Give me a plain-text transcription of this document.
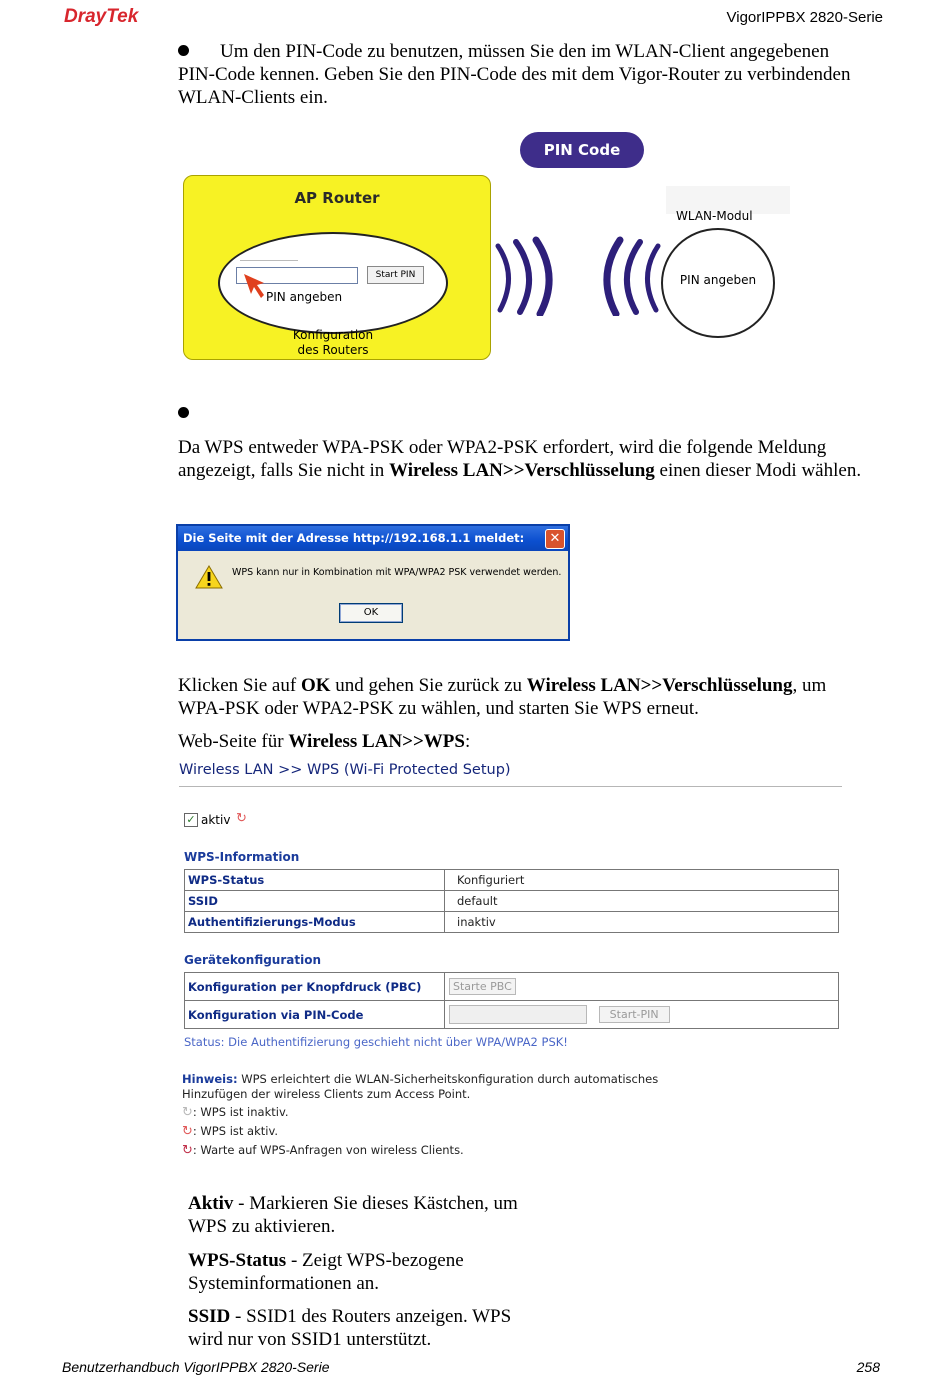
DrayTek	VigorIPPBX 2820-Serie
Um den PIN-Code zu benutzen, müssen Sie den im WLAN-Client angegebenen PIN-Code kennen. Geben Sie den PIN-Code des mit dem Vigor-Router zu verbindenden WLAN-Clients ein.
PIN Code
AP Router
Start PIN
PIN angeben
Konfiguration
des Routers
WLAN-Modul
PIN angeben
Da WPS entweder WPA-PSK oder WPA2-PSK erfordert, wird die folgende Meldung angezeigt, falls Sie nicht in Wireless LAN>>Verschlüsselung einen dieser Modi wählen.
Die Seite mit der Adresse http://192.168.1.1 meldet:	✕
WPS kann nur in Kombination mit WPA/WPA2 PSK verwendet werden.
OK
Klicken Sie auf OK und gehen Sie zurück zu Wireless LAN>>Verschlüsselung, um WPA-PSK oder WPA2-PSK zu wählen, und starten Sie WPS erneut.
Web-Seite für Wireless LAN>>WPS:
Wireless LAN >> WPS (Wi-Fi Protected Setup)
✓ aktiv ↻
WPS-Information
WPS-Status	Konfiguriert
SSID	default
Authentifizierungs-Modus	inaktiv
Gerätekonfiguration
Konfiguration per Knopfdruck (PBC)	Starte PBC
Konfiguration via PIN-Code	Start-PIN
Status: Die Authentifizierung geschieht nicht über WPA/WPA2 PSK!
Hinweis: WPS erleichtert die WLAN-Sicherheitskonfiguration durch automatisches
Hinzufügen der wireless Clients zum Access Point.
↻: WPS ist inaktiv.
↻: WPS ist aktiv.
↻: Warte auf WPS-Anfragen von wireless Clients.
Aktiv - Markieren Sie dieses Kästchen, um
WPS zu aktivieren.
WPS-Status - Zeigt WPS-bezogene
Systeminformationen an.
SSID - SSID1 des Routers anzeigen. WPS
wird nur von SSID1 unterstützt.
Benutzerhandbuch VigorIPPBX 2820-Serie	258
